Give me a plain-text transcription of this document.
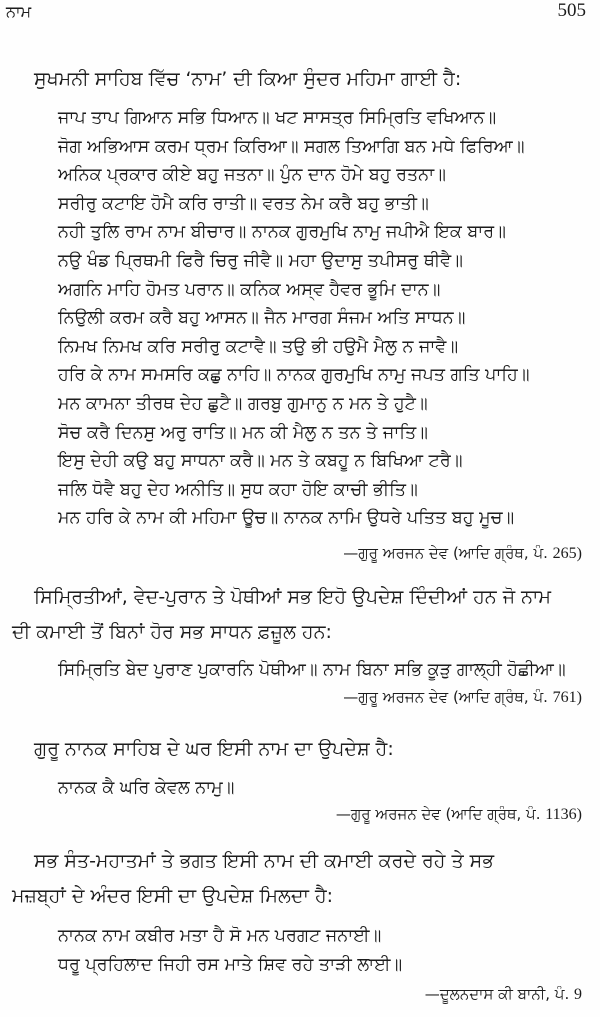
ਨਾਮ	505
ਸੁਖਮਨੀ ਸਾਹਿਬ ਵਿੱਚ ‘ਨਾਮ’ ਦੀ ਕਿਆ ਸੁੰਦਰ ਮਹਿਮਾ ਗਾਈ ਹੈ:
ਜਾਪ ਤਾਪ ਗਿਆਨ ਸਭਿ ਧਿਆਨ॥ ਖਟ ਸਾਸਤ੍ਰ ਸਿਮ੍ਰਿਤਿ ਵਖਿਆਨ॥
ਜੋਗ ਅਭਿਆਸ ਕਰਮ ਧ੍ਰਮ ਕਿਰਿਆ॥ ਸਗਲ ਤਿਆਗਿ ਬਨ ਮਧੇ ਫਿਰਿਆ॥
ਅਨਿਕ ਪ੍ਰਕਾਰ ਕੀਏ ਬਹੁ ਜਤਨਾ॥ ਪੁੰਨ ਦਾਨ ਹੋਮੇ ਬਹੁ ਰਤਨਾ॥
ਸਰੀਰੁ ਕਟਾਇ ਹੋਮੈ ਕਰਿ ਰਾਤੀ॥ ਵਰਤ ਨੇਮ ਕਰੈ ਬਹੁ ਭਾਤੀ॥
ਨਹੀ ਤੁਲਿ ਰਾਮ ਨਾਮ ਬੀਚਾਰ॥ ਨਾਨਕ ਗੁਰਮੁਖਿ ਨਾਮੁ ਜਪੀਐ ਇਕ ਬਾਰ॥
ਨਉ ਖੰਡ ਪ੍ਰਿਥਮੀ ਫਿਰੈ ਚਿਰੁ ਜੀਵੈ॥ ਮਹਾ ਉਦਾਸੁ ਤਪੀਸਰੁ ਥੀਵੈ॥
ਅਗਨਿ ਮਾਹਿ ਹੋਮਤ ਪਰਾਨ॥ ਕਨਿਕ ਅਸ੍ਵ ਹੈਵਰ ਭੂਮਿ ਦਾਨ॥
ਨਿਉਲੀ ਕਰਮ ਕਰੈ ਬਹੁ ਆਸਨ॥ ਜੈਨ ਮਾਰਗ ਸੰਜਮ ਅਤਿ ਸਾਧਨ॥
ਨਿਮਖ ਨਿਮਖ ਕਰਿ ਸਰੀਰੁ ਕਟਾਵੈ॥ ਤਉ ਭੀ ਹਉਮੈ ਮੈਲੁ ਨ ਜਾਵੈ॥
ਹਰਿ ਕੇ ਨਾਮ ਸਮਸਰਿ ਕਛੁ ਨਾਹਿ॥ ਨਾਨਕ ਗੁਰਮੁਖਿ ਨਾਮੁ ਜਪਤ ਗਤਿ ਪਾਹਿ॥
ਮਨ ਕਾਮਨਾ ਤੀਰਥ ਦੇਹ ਛੁਟੈ॥ ਗਰਬੁ ਗੁਮਾਨੁ ਨ ਮਨ ਤੇ ਹੁਟੈ॥
ਸੋਚ ਕਰੈ ਦਿਨਸੁ ਅਰੁ ਰਾਤਿ॥ ਮਨ ਕੀ ਮੈਲੁ ਨ ਤਨ ਤੇ ਜਾਤਿ॥
ਇਸੁ ਦੇਹੀ ਕਉ ਬਹੁ ਸਾਧਨਾ ਕਰੈ॥ ਮਨ ਤੇ ਕਬਹੂ ਨ ਬਿਖਿਆ ਟਰੈ॥
ਜਲਿ ਧੋਵੈ ਬਹੁ ਦੇਹ ਅਨੀਤਿ॥ ਸੁਧ ਕਹਾ ਹੋਇ ਕਾਚੀ ਭੀਤਿ॥
ਮਨ ਹਰਿ ਕੇ ਨਾਮ ਕੀ ਮਹਿਮਾ ਊਚ॥ ਨਾਨਕ ਨਾਮਿ ਉਧਰੇ ਪਤਿਤ ਬਹੁ ਮੂਚ॥
—ਗੁਰੂ ਅਰਜਨ ਦੇਵ (ਆਦਿ ਗ੍ਰੰਥ, ਪੰ. 265)
ਸਿਮ੍ਰਿਤੀਆਂ, ਵੇਦ-ਪੁਰਾਨ ਤੇ ਪੋਥੀਆਂ ਸਭ ਇਹੋ ਉਪਦੇਸ਼ ਦਿੰਦੀਆਂ ਹਨ ਜੋ ਨਾਮ
ਦੀ ਕਮਾਈ ਤੋਂ ਬਿਨਾਂ ਹੋਰ ਸਭ ਸਾਧਨ ਫ਼ਜ਼ੂਲ ਹਨ:
ਸਿਮ੍ਰਿਤਿ ਬੇਦ ਪੁਰਾਣ ਪੁਕਾਰਨਿ ਪੋਥੀਆ॥ ਨਾਮ ਬਿਨਾ ਸਭਿ ਕੂੜੁ ਗਾਲ੍ਹੀ ਹੋਛੀਆ॥
—ਗੁਰੂ ਅਰਜਨ ਦੇਵ (ਆਦਿ ਗ੍ਰੰਥ, ਪੰ. 761)
ਗੁਰੂ ਨਾਨਕ ਸਾਹਿਬ ਦੇ ਘਰ ਇਸੀ ਨਾਮ ਦਾ ਉਪਦੇਸ਼ ਹੈ:
ਨਾਨਕ ਕੈ ਘਰਿ ਕੇਵਲ ਨਾਮੁ॥
—ਗੁਰੂ ਅਰਜਨ ਦੇਵ (ਆਦਿ ਗ੍ਰੰਥ, ਪੰ. 1136)
ਸਭ ਸੰਤ-ਮਹਾਤਮਾਂ ਤੇ ਭਗਤ ਇਸੀ ਨਾਮ ਦੀ ਕਮਾਈ ਕਰਦੇ ਰਹੇ ਤੇ ਸਭ
ਮਜ਼ਬ੍ਹਾਂ ਦੇ ਅੰਦਰ ਇਸੀ ਦਾ ਉਪਦੇਸ਼ ਮਿਲਦਾ ਹੈ:
ਨਾਨਕ ਨਾਮ ਕਬੀਰ ਮਤਾ ਹੈ ਸੋ ਮਨ ਪਰਗਟ ਜਨਾਈ॥
ਧਰੂ ਪ੍ਰਹਿਲਾਦ ਜਿਹੀ ਰਸ ਮਾਤੇ ਸ਼ਿਵ ਰਹੇ ਤਾੜੀ ਲਾਈ॥
—ਦੂਲਨਦਾਸ ਕੀ ਬਾਨੀ, ਪੰ. 9
